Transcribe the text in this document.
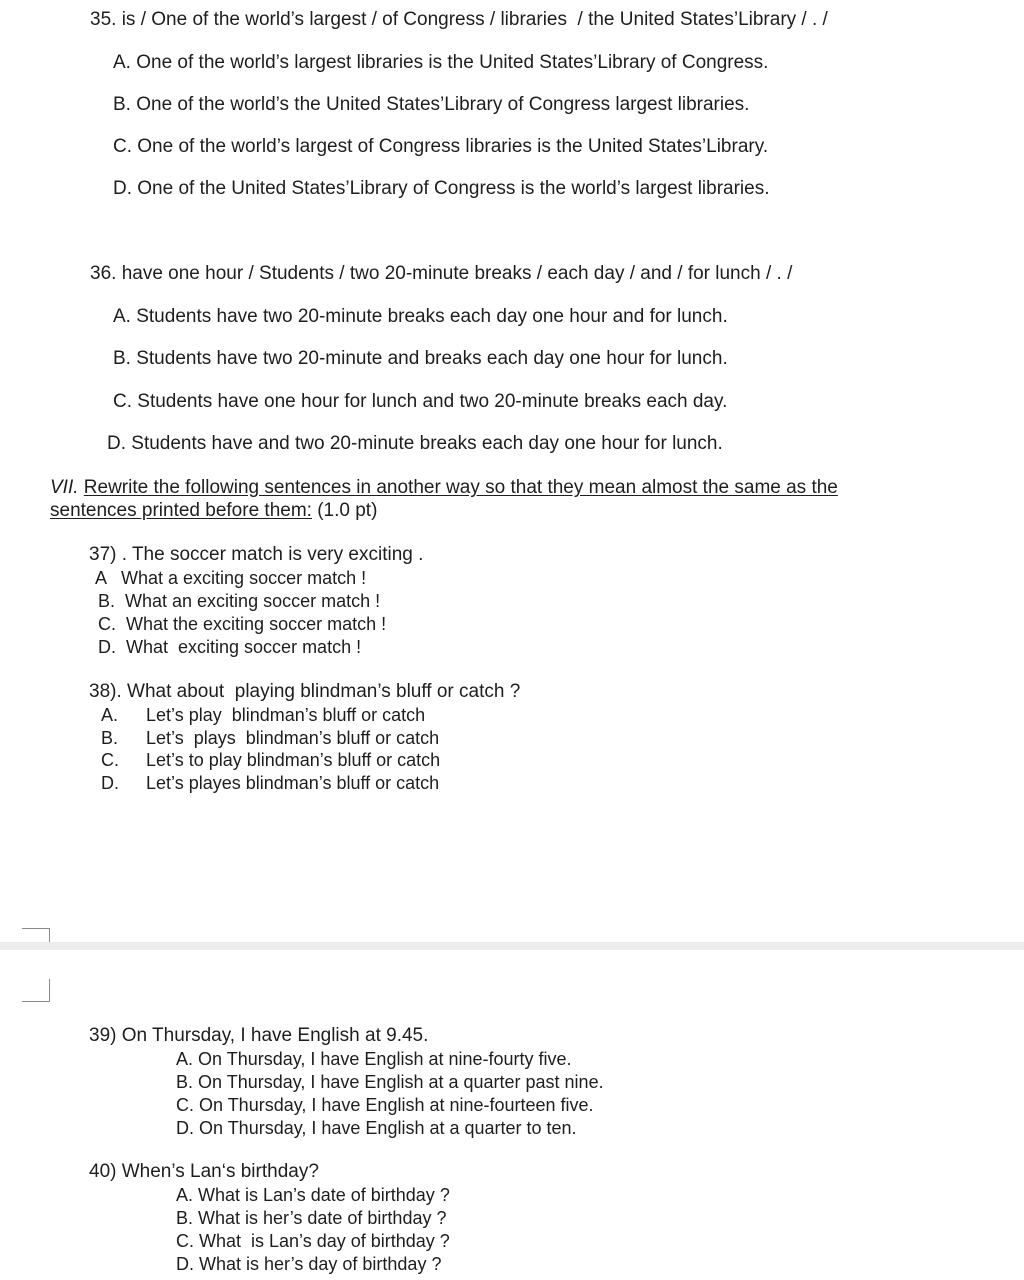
35. is / One of the world’s largest / of Congress / libraries  / the United States’Library / . /
A. One of the world’s largest libraries is the United States’Library of Congress.
B. One of the world’s the United States’Library of Congress largest libraries.
C. One of the world’s largest of Congress libraries is the United States’Library.
D. One of the United States’Library of Congress is the world’s largest libraries.
36. have one hour / Students / two 20-minute breaks / each day / and / for lunch / . /
A. Students have two 20-minute breaks each day one hour and for lunch.
B. Students have two 20-minute and breaks each day one hour for lunch.
C. Students have one hour for lunch and two 20-minute breaks each day.
D. Students have and two 20-minute breaks each day one hour for lunch.
VII. Rewrite the following sentences in another way so that they mean almost the same as the
sentences printed before them: (1.0 pt)
37) . The soccer match is very exciting .
A   What a exciting soccer match !
B.  What an exciting soccer match !
C.  What the exciting soccer match !
D.  What  exciting soccer match !
38). What about  playing blindman’s bluff or catch ?
A. Let’s play  blindman’s bluff or catch
B. Let’s  plays  blindman’s bluff or catch
C. Let’s to play blindman’s bluff or catch
D. Let’s playes blindman’s bluff or catch
39) On Thursday, I have English at 9.45.
A. On Thursday, I have English at nine-fourty five.
B. On Thursday, I have English at a quarter past nine.
C. On Thursday, I have English at nine-fourteen five.
D. On Thursday, I have English at a quarter to ten.
40) When’s Lan‘s birthday?
A. What is Lan’s date of birthday ?
B. What is her’s date of birthday ?
C. What  is Lan’s day of birthday ?
D. What is her’s day of birthday ?
